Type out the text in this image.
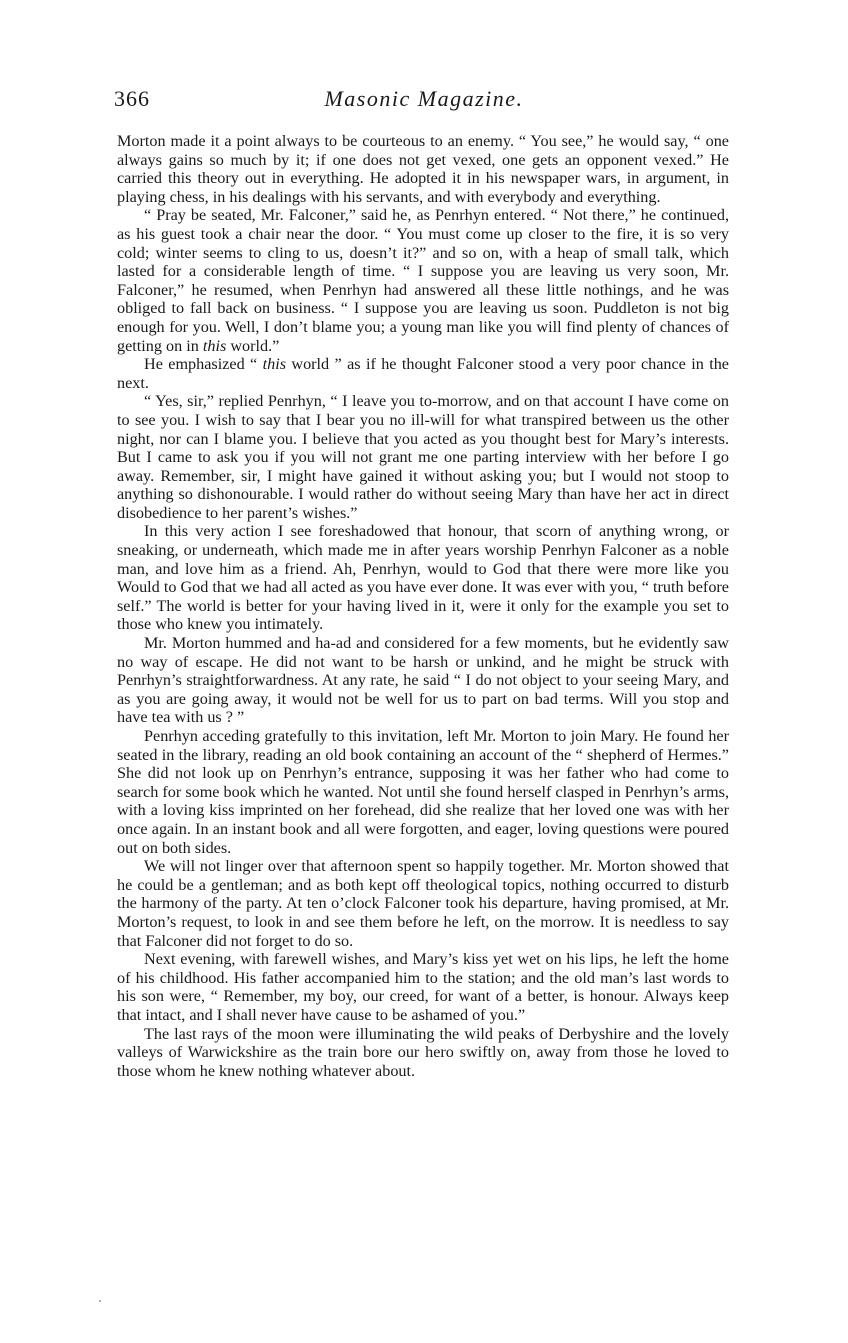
366	Masonic Magazine.

Morton made it a point always to be courteous to an enemy. “ You see,” he would say, “ one always gains so much by it; if one does not get vexed, one gets an opponent vexed.” He carried this theory out in everything. He adopted it in his newspaper wars, in argument, in playing chess, in his dealings with his servants, and with everybody and everything.

“ Pray be seated, Mr. Falconer,” said he, as Penrhyn entered. “ Not there,” he continued, as his guest took a chair near the door. “ You must come up closer to the fire, it is so very cold; winter seems to cling to us, doesn’t it?” and so on, with a heap of small talk, which lasted for a considerable length of time. “ I suppose you are leaving us very soon, Mr. Falconer,” he resumed, when Penrhyn had answered all these little nothings, and he was obliged to fall back on business. “ I suppose you are leaving us soon. Puddleton is not big enough for you. Well, I don’t blame you; a young man like you will find plenty of chances of getting on in this world.”

He emphasized “ this world ” as if he thought Falconer stood a very poor chance in the next.

“ Yes, sir,” replied Penrhyn, “ I leave you to-morrow, and on that account I have come on to see you. I wish to say that I bear you no ill-will for what transpired between us the other night, nor can I blame you. I believe that you acted as you thought best for Mary’s interests. But I came to ask you if you will not grant me one parting interview with her before I go away. Remember, sir, I might have gained it without asking you; but I would not stoop to anything so dishonourable. I would rather do without seeing Mary than have her act in direct disobedience to her parent’s wishes.”

In this very action I see foreshadowed that honour, that scorn of anything wrong, or sneaking, or underneath, which made me in after years worship Penrhyn Falconer as a noble man, and love him as a friend. Ah, Penrhyn, would to God that there were more like you Would to God that we had all acted as you have ever done. It was ever with you, “ truth before self.” The world is better for your having lived in it, were it only for the example you set to those who knew you intimately.

Mr. Morton hummed and ha-ad and considered for a few moments, but he evidently saw no way of escape. He did not want to be harsh or unkind, and he might be struck with Penrhyn’s straightforwardness. At any rate, he said “ I do not object to your seeing Mary, and as you are going away, it would not be well for us to part on bad terms. Will you stop and have tea with us ? ”

Penrhyn acceding gratefully to this invitation, left Mr. Morton to join Mary. He found her seated in the library, reading an old book containing an account of the “ shepherd of Hermes.” She did not look up on Penrhyn’s entrance, supposing it was her father who had come to search for some book which he wanted. Not until she found herself clasped in Penrhyn’s arms, with a loving kiss imprinted on her forehead, did she realize that her loved one was with her once again. In an instant book and all were forgotten, and eager, loving questions were poured out on both sides.

We will not linger over that afternoon spent so happily together. Mr. Morton showed that he could be a gentleman; and as both kept off theological topics, nothing occurred to disturb the harmony of the party. At ten o’clock Falconer took his departure, having promised, at Mr. Morton’s request, to look in and see them before he left, on the morrow. It is needless to say that Falconer did not forget to do so.

Next evening, with farewell wishes, and Mary’s kiss yet wet on his lips, he left the home of his childhood. His father accompanied him to the station; and the old man’s last words to his son were, “ Remember, my boy, our creed, for want of a better, is honour. Always keep that intact, and I shall never have cause to be ashamed of you.”

The last rays of the moon were illuminating the wild peaks of Derbyshire and the lovely valleys of Warwickshire as the train bore our hero swiftly on, away from those he loved to those whom he knew nothing whatever about.
